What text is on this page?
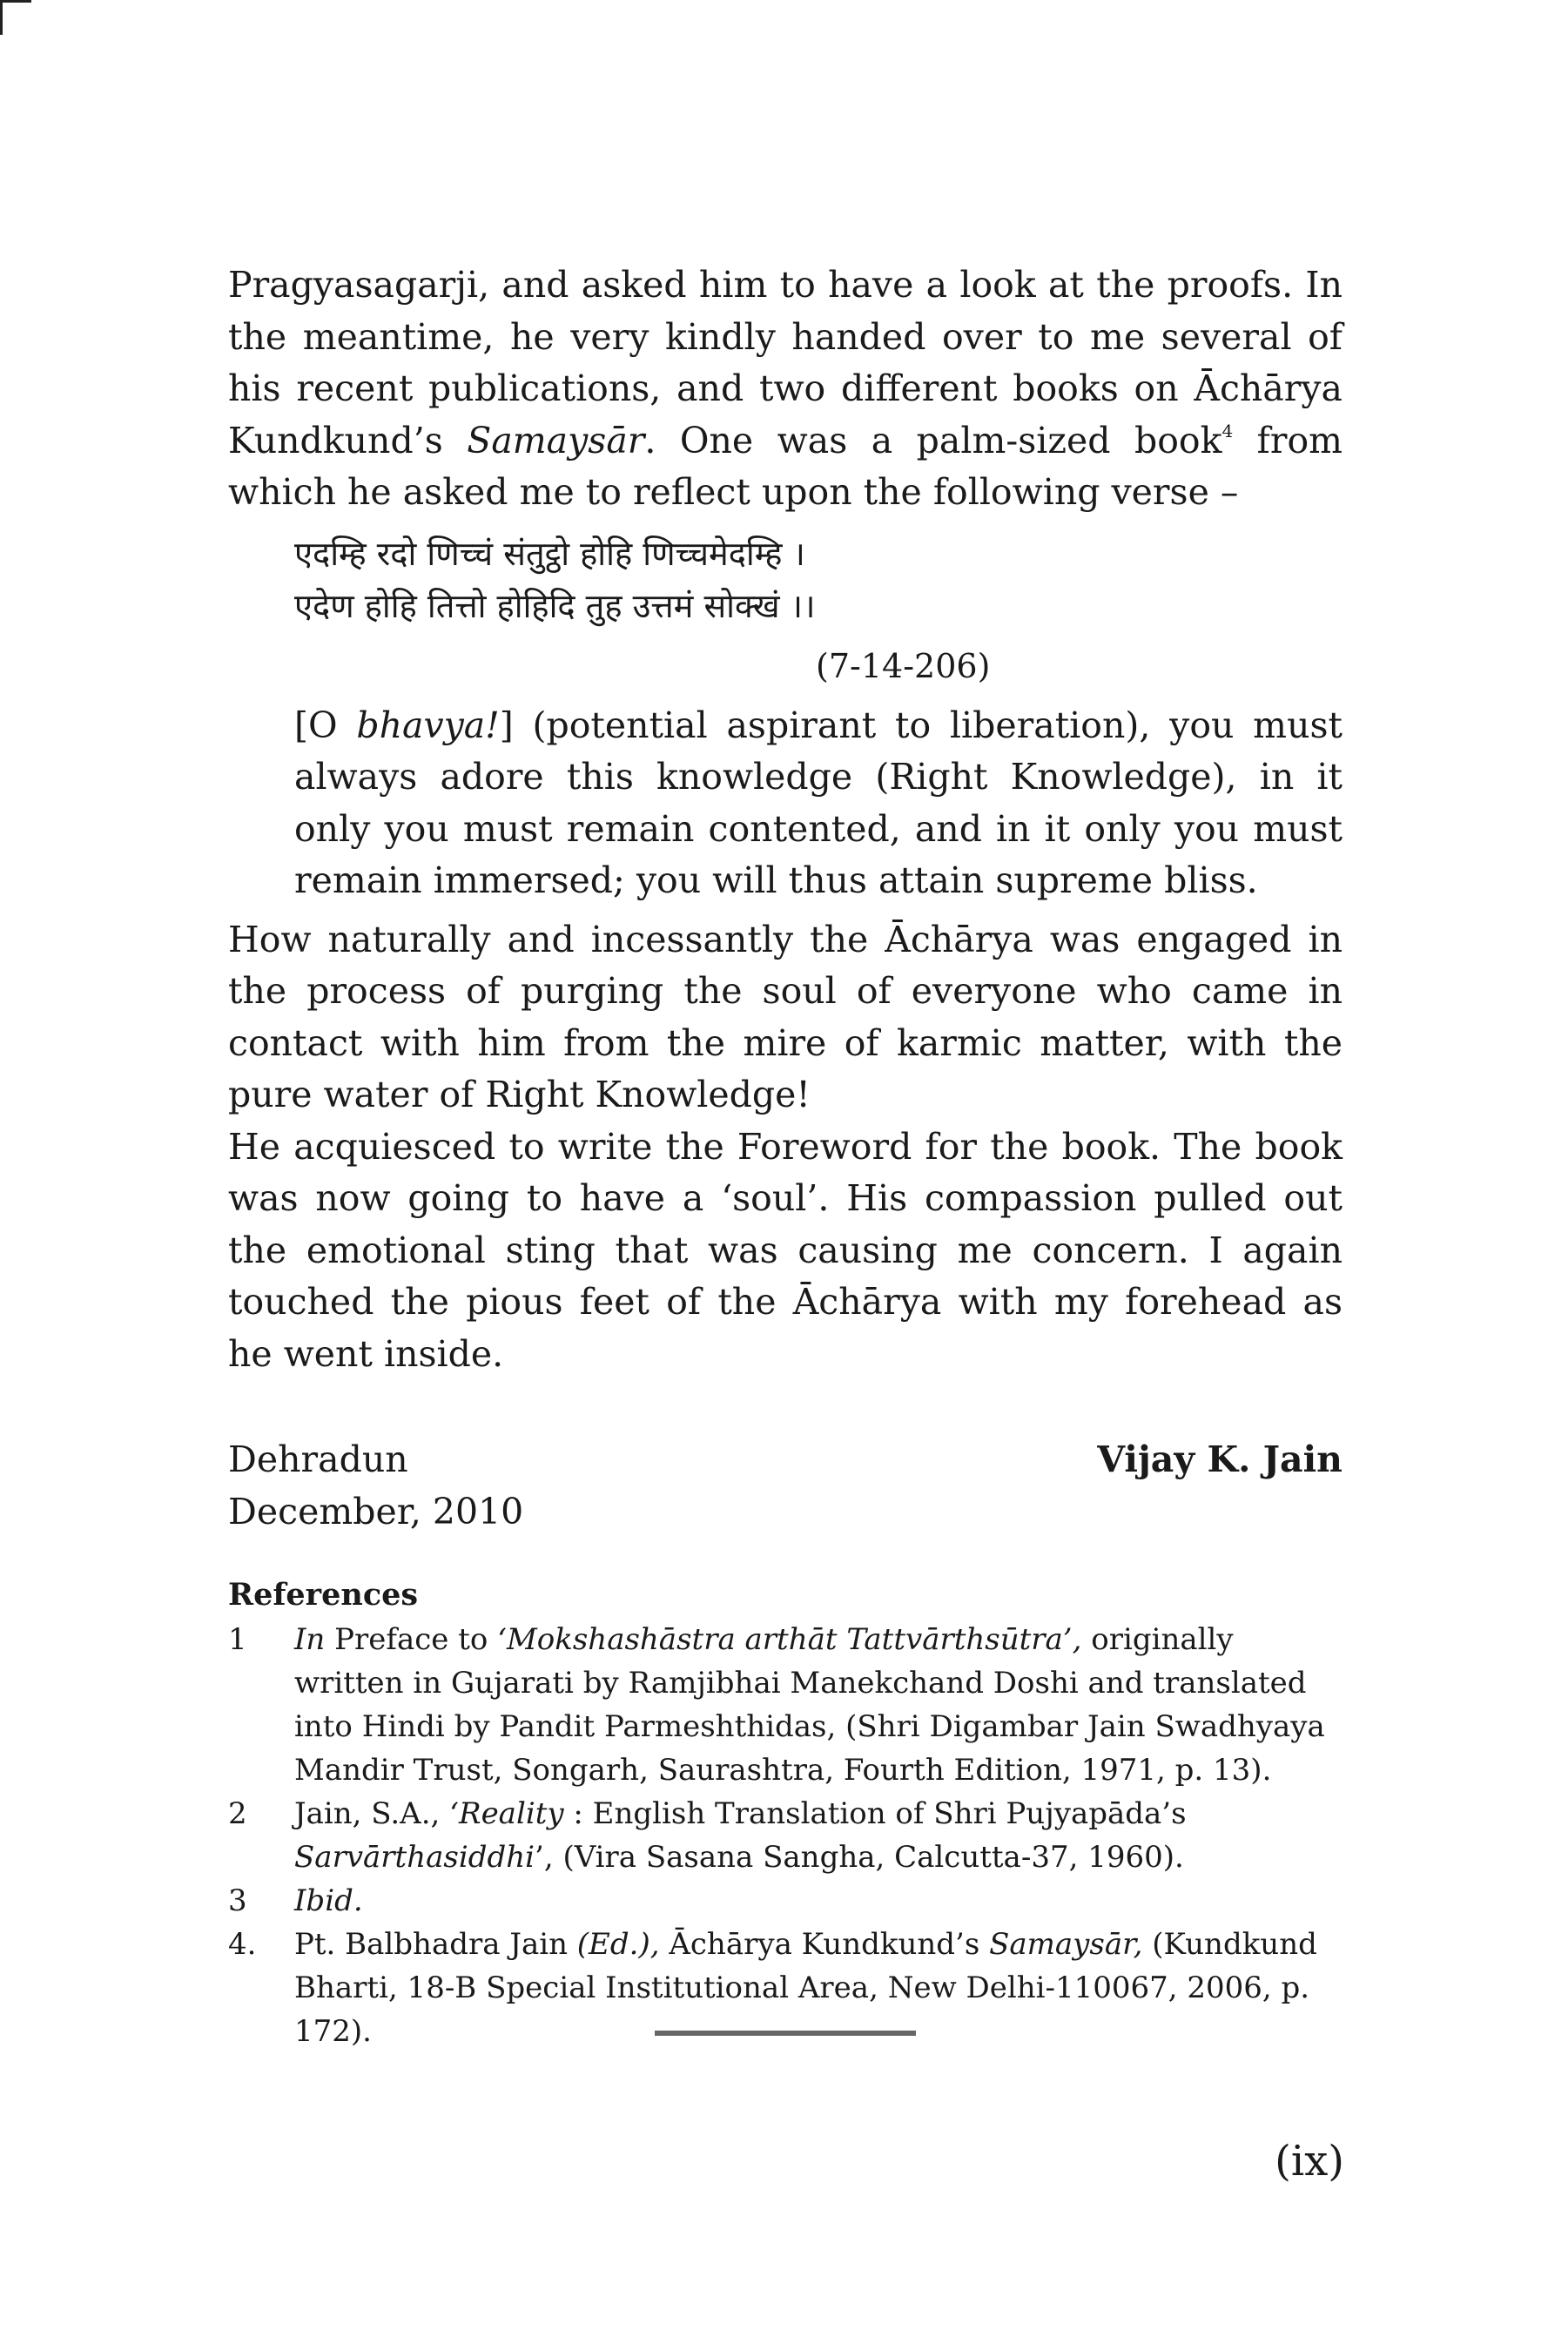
Pragyasagarji, and asked him to have a look at the proofs. In the meantime, he very kindly handed over to me several of his recent publications, and two different books on Āchārya Kundkund’s Samaysār. One was a palm-sized book$^4$ from which he asked me to reflect upon the following verse –

एदम्हि रदो णिच्चं संतुट्ठो होहि णिच्चमेदम्हि ।
एदेण होहि तित्तो होहिदि तुह उत्तमं सोक्खं ।।
(7-14-206)

[O bhavya!] (potential aspirant to liberation), you must always adore this knowledge (Right Knowledge), in it only you must remain contented, and in it only you must remain immersed; you will thus attain supreme bliss.

How naturally and incessantly the Āchārya was engaged in the process of purging the soul of everyone who came in contact with him from the mire of karmic matter, with the pure water of Right Knowledge!

He acquiesced to write the Foreword for the book. The book was now going to have a ‘soul’. His compassion pulled out the emotional sting that was causing me concern. I again touched the pious feet of the Āchārya with my forehead as he went inside.

Dehradun
December, 2010
Vijay K. Jain
References
1	In Preface to ‘Mokshashāstra arthāt Tattvārthsūtra’, originally written in Gujarati by Ramjibhai Manekchand Doshi and translated into Hindi by Pandit Parmeshthidas, (Shri Digambar Jain Swadhyaya Mandir Trust, Songarh, Saurashtra, Fourth Edition, 1971, p. 13).
2	Jain, S.A., ‘Reality : English Translation of Shri Pujyapāda’s Sarvārthasiddhi’, (Vira Sasana Sangha, Calcutta-37, 1960).
3	Ibid.
4.	Pt. Balbhadra Jain (Ed.), Āchārya Kundkund’s Samaysār, (Kundkund Bharti, 18-B Special Institutional Area, New Delhi-110067, 2006, p. 172).
(ix)
